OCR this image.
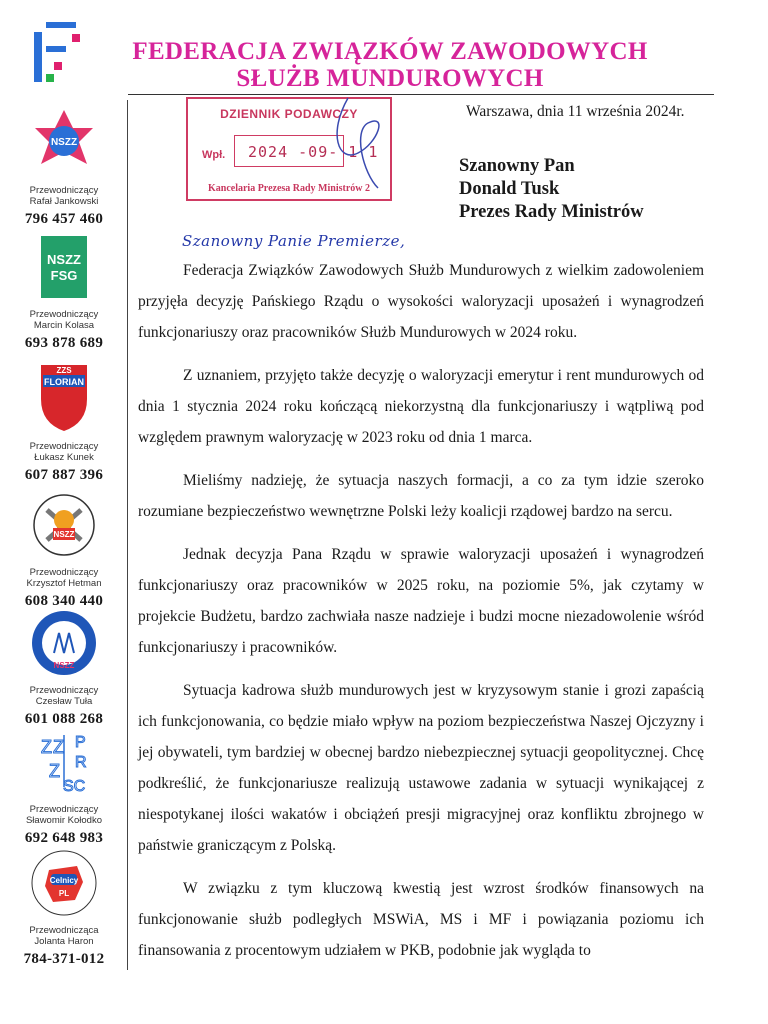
FEDERACJA ZWIĄZKÓW ZAWODOWYCH
SŁUŻB MUNDUROWYCH
NSZZ
Przewodniczący
Rafał Jankowski
796 457 460
NSZZ
FSG
Przewodniczący
Marcin Kolasa
693 878 689
FLORIAN
ZZS
Przewodniczący
Łukasz Kunek
607 887 396
NSZZ
Przewodniczący
Krzysztof Hetman
608 340 440
NSZZ
Przewodniczący
Czesław Tuła
601 088 268
Z Z P
R
Z
SC
Przewodniczący
Sławomir Kołodko
692 648 983
Celnicy
PL
Przewodnicząca
Jolanta Haron
784-371-012
DZIENNIK PODAWCZY
Wpł. 2024 -09- 1 1
Kancelaria Prezesa Rady Ministrów 2
Warszawa, dnia 11 września 2024r.
Szanowny Pan
Donald Tusk
Prezes Rady Ministrów
Szanowny Panie Premierze,

Federacja Związków Zawodowych Służb Mundurowych z wielkim zadowoleniem przyjęła decyzję Pańskiego Rządu o wysokości waloryzacji uposażeń i wynagrodzeń funkcjonariuszy oraz pracowników Służb Mundurowych w 2024 roku.

Z uznaniem, przyjęto także decyzję o waloryzacji emerytur i rent mundurowych od dnia 1 stycznia 2024 roku kończącą niekorzystną dla funkcjonariuszy i wątpliwą pod względem prawnym waloryzację w 2023 roku od dnia 1 marca.

Mieliśmy nadzieję, że sytuacja naszych formacji, a co za tym idzie szeroko rozumiane bezpieczeństwo wewnętrzne Polski leży koalicji rządowej bardzo na sercu.

Jednak decyzja Pana Rządu w sprawie waloryzacji uposażeń i wynagrodzeń funkcjonariuszy oraz pracowników w 2025 roku, na poziomie 5%, jak czytamy w projekcie Budżetu, bardzo zachwiała nasze nadzieje i budzi mocne niezadowolenie wśród funkcjonariuszy i pracowników.

Sytuacja kadrowa służb mundurowych jest w kryzysowym stanie i grozi zapaścią ich funkcjonowania, co będzie miało wpływ na poziom bezpieczeństwa Naszej Ojczyzny i jej obywateli, tym bardziej w obecnej bardzo niebezpiecznej sytuacji geopolitycznej. Chcę podkreślić, że funkcjonariusze realizują ustawowe zadania w sytuacji wynikającej z niespotykanej ilości wakatów i obciążeń presji migracyjnej oraz konfliktu zbrojnego w państwie graniczącym z Polską.

W związku z tym kluczową kwestią jest wzrost środków finansowych na funkcjonowanie służb podległych MSWiA, MS i MF i powiązania poziomu ich finansowania z procentowym udziałem w PKB, podobnie jak wygląda to
